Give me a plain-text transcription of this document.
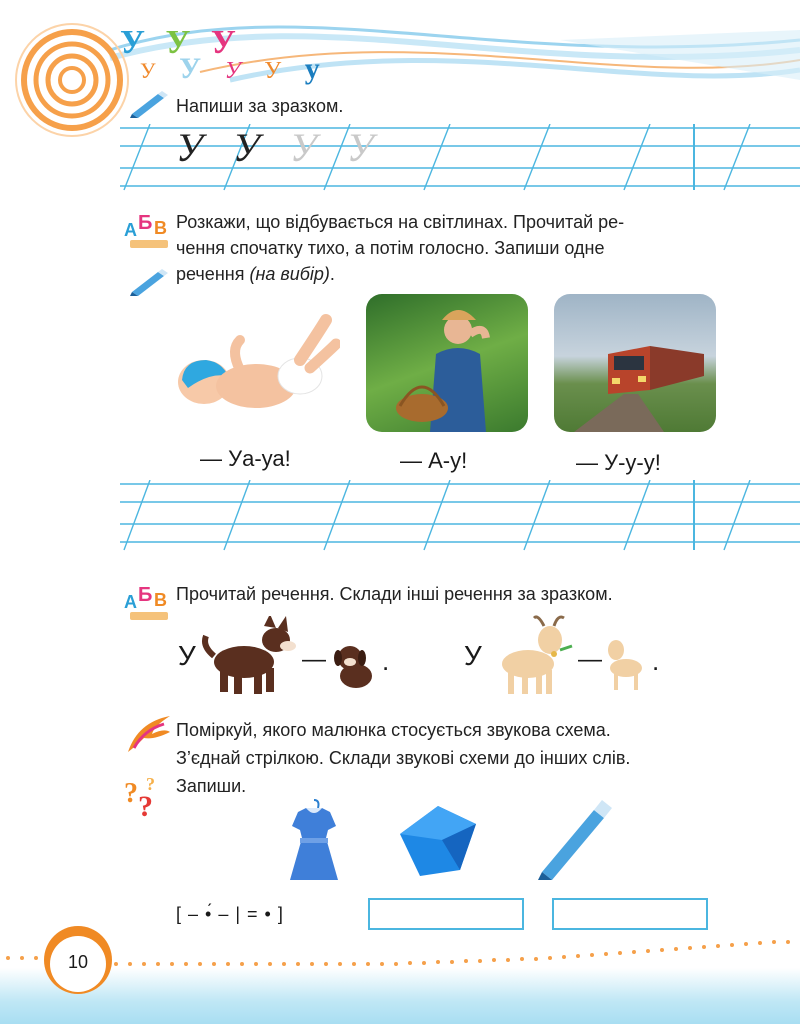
У У У
У У У У у
Напиши за зразком.
У У У У
А Б В Розкажи, що відбувається на світлинах. Прочитай ре-
чення спочатку тихо, а потім голосно. Запиши одне
речення (на вибір).
— Уа-уа!	— А-у!	— У-у-у!
А Б В Прочитай речення. Склади інші речення за зразком.
У	— .	У	— .
? ?
?
Поміркуй, якого малюнка стосується звукова схема.
З’єднай стрілкою. Склади звукові схеми до інших слів.
Запиши.
[ – •́ – | = • ]
10
